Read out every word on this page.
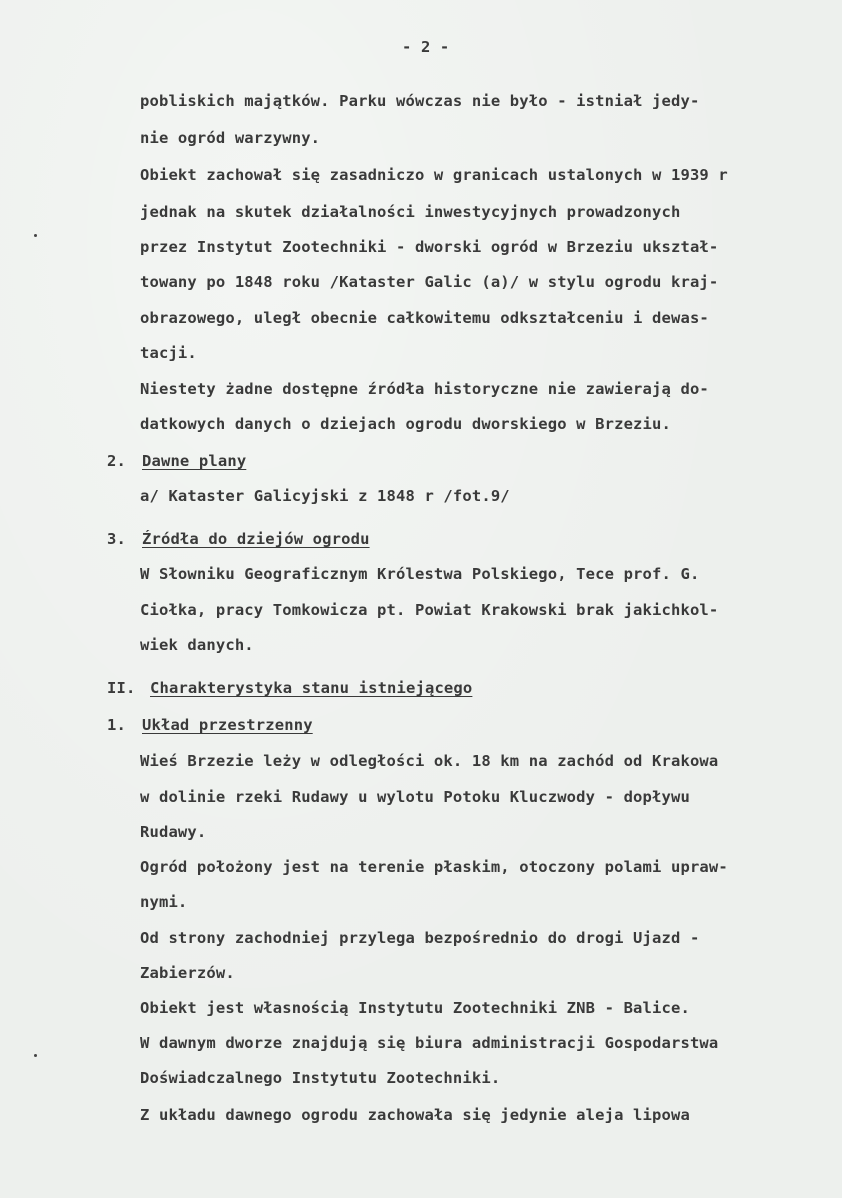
- 2 -
pobliskich majątków. Parku wówczas nie było - istniał jedy-
nie ogród warzywny.
Obiekt zachował się zasadniczo w granicach ustalonych w 1939 r
jednak na skutek działalności inwestycyjnych prowadzonych
przez Instytut Zootechniki - dworski ogród w Brzeziu ukształ-
towany po 1848 roku /Kataster Galic (a)/ w stylu ogrodu kraj-
obrazowego, uległ obecnie całkowitemu odkształceniu i dewas-
tacji.
Niestety żadne dostępne źródła historyczne nie zawierają do-
datkowych danych o dziejach ogrodu dworskiego w Brzeziu.
2. Dawne plany
a/ Kataster Galicyjski z 1848 r /fot.9/
3. Źródła do dziejów ogrodu
W Słowniku Geograficznym Królestwa Polskiego, Tece prof. G.
Ciołka, pracy Tomkowicza pt. Powiat Krakowski brak jakichkol-
wiek danych.
II. Charakterystyka stanu istniejącego
1. Układ przestrzenny
Wieś Brzezie leży w odległości ok. 18 km na zachód od Krakowa
w dolinie rzeki Rudawy u wylotu Potoku Kluczwody - dopływu
Rudawy.
Ogród położony jest na terenie płaskim, otoczony polami upraw-
nymi.
Od strony zachodniej przylega bezpośrednio do drogi Ujazd -
Zabierzów.
Obiekt jest własnością Instytutu Zootechniki ZNB - Balice.
W dawnym dworze znajdują się biura administracji Gospodarstwa
Doświadczalnego Instytutu Zootechniki.
Z układu dawnego ogrodu zachowała się jedynie aleja lipowa
